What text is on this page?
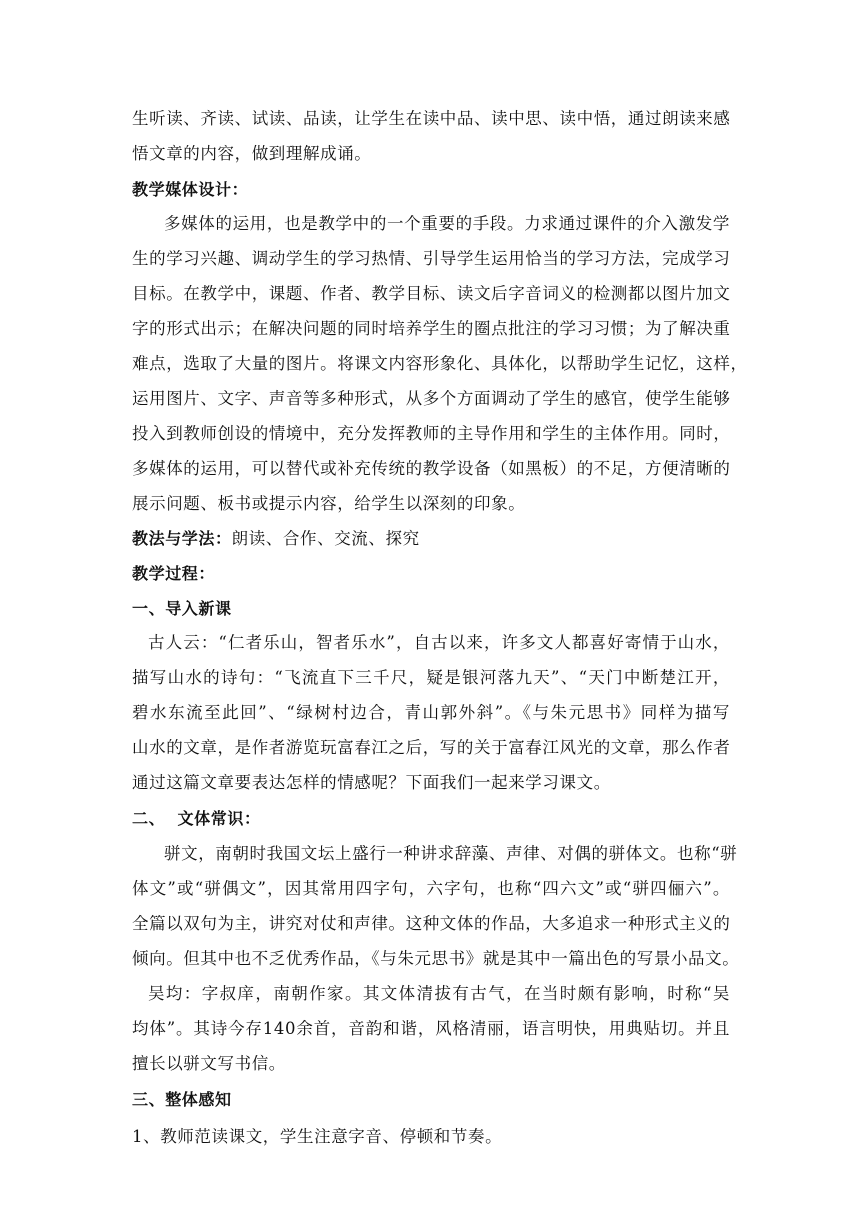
生听读、齐读、试读、品读，让学生在读中品、读中思、读中悟，通过朗读来感
悟文章的内容，做到理解成诵。
教学媒体设计：
多媒体的运用，也是教学中的一个重要的手段。力求通过课件的介入激发学
生的学习兴趣、调动学生的学习热情、引导学生运用恰当的学习方法，完成学习
目标。在教学中，课题、作者、教学目标、读文后字音词义的检测都以图片加文
字的形式出示；在解决问题的同时培养学生的圈点批注的学习习惯；为了解决重
难点，选取了大量的图片。将课文内容形象化、具体化，以帮助学生记忆，这样，
运用图片、文字、声音等多种形式，从多个方面调动了学生的感官，使学生能够
投入到教师创设的情境中，充分发挥教师的主导作用和学生的主体作用。同时，
多媒体的运用，可以替代或补充传统的教学设备（如黑板）的不足，方便清晰的
展示问题、板书或提示内容，给学生以深刻的印象。
教法与学法：朗读、合作、交流、探究
教学过程：
一、导入新课
古人云：“仁者乐山，智者乐水”，自古以来，许多文人都喜好寄情于山水，
描写山水的诗句：“飞流直下三千尺，疑是银河落九天”、“天门中断楚江开，
碧水东流至此回”、“绿树村边合，青山郭外斜”。《与朱元思书》同样为描写
山水的文章，是作者游览玩富春江之后，写的关于富春江风光的文章，那么作者
通过这篇文章要表达怎样的情感呢？下面我们一起来学习课文。
二、  文体常识：
骈文，南朝时我国文坛上盛行一种讲求辞藻、声律、对偶的骈体文。也称“骈
体文”或“骈偶文”，因其常用四字句，六字句，也称“四六文”或“骈四俪六”。
全篇以双句为主，讲究对仗和声律。这种文体的作品，大多追求一种形式主义的
倾向。但其中也不乏优秀作品，《与朱元思书》就是其中一篇出色的写景小品文。
吴均：字叔庠，南朝作家。其文体清拔有古气，在当时颇有影响，时称“吴
均体”。其诗今存140余首，音韵和谐，风格清丽，语言明快，用典贴切。并且
擅长以骈文写书信。
三、整体感知
1、教师范读课文，学生注意字音、停顿和节奏。
